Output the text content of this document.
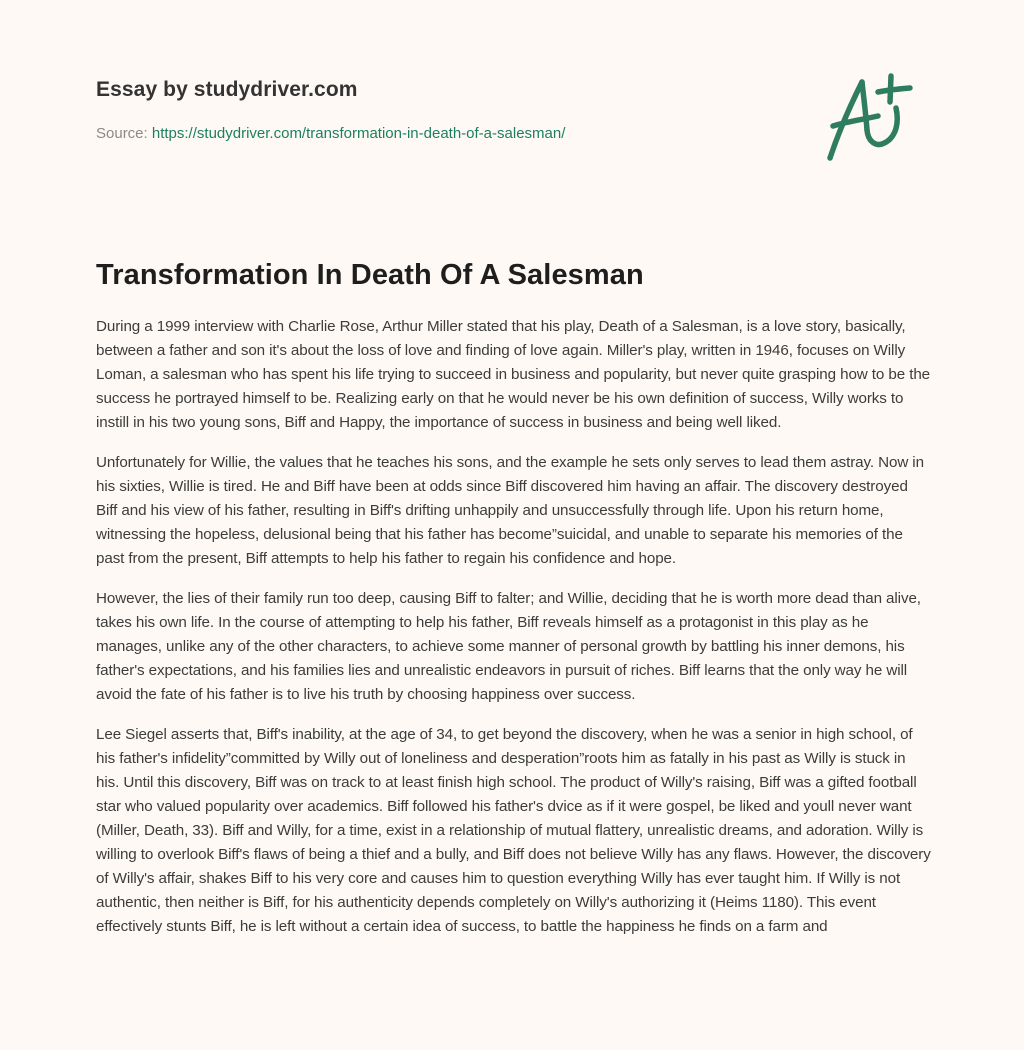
Essay by studydriver.com
Source: https://studydriver.com/transformation-in-death-of-a-salesman/
Transformation In Death Of A Salesman

During a 1999 interview with Charlie Rose, Arthur Miller stated that his play, Death of a Salesman, is a love story, basically, between a father and son it's about the loss of love and finding of love again. Miller's play, written in 1946, focuses on Willy Loman, a salesman who has spent his life trying to succeed in business and popularity, but never quite grasping how to be the success he portrayed himself to be. Realizing early on that he would never be his own definition of success, Willy works to instill in his two young sons, Biff and Happy, the importance of success in business and being well liked.

Unfortunately for Willie, the values that he teaches his sons, and the example he sets only serves to lead them astray. Now in his sixties, Willie is tired. He and Biff have been at odds since Biff discovered him having an affair. The discovery destroyed Biff and his view of his father, resulting in Biff's drifting unhappily and unsuccessfully through life. Upon his return home, witnessing the hopeless, delusional being that his father has become”suicidal, and unable to separate his memories of the past from the present, Biff attempts to help his father to regain his confidence and hope.

However, the lies of their family run too deep, causing Biff to falter; and Willie, deciding that he is worth more dead than alive, takes his own life. In the course of attempting to help his father, Biff reveals himself as a protagonist in this play as he manages, unlike any of the other characters, to achieve some manner of personal growth by battling his inner demons, his father's expectations, and his families lies and unrealistic endeavors in pursuit of riches. Biff learns that the only way he will avoid the fate of his father is to live his truth by choosing happiness over success.

Lee Siegel asserts that, Biff's inability, at the age of 34, to get beyond the discovery, when he was a senior in high school, of his father's infidelity”committed by Willy out of loneliness and desperation”roots him as fatally in his past as Willy is stuck in his. Until this discovery, Biff was on track to at least finish high school. The product of Willy's raising, Biff was a gifted football star who valued popularity over academics. Biff followed his father's dvice as if it were gospel, be liked and youll never want (Miller, Death, 33). Biff and Willy, for a time, exist in a relationship of mutual flattery, unrealistic dreams, and adoration. Willy is willing to overlook Biff's flaws of being a thief and a bully, and Biff does not believe Willy has any flaws. However, the discovery of Willy's affair, shakes Biff to his very core and causes him to question everything Willy has ever taught him. If Willy is not authentic, then neither is Biff, for his authenticity depends completely on Willy's authorizing it (Heims 1180). This event effectively stunts Biff, he is left without a certain idea of success, to battle the happiness he finds on a farm and
